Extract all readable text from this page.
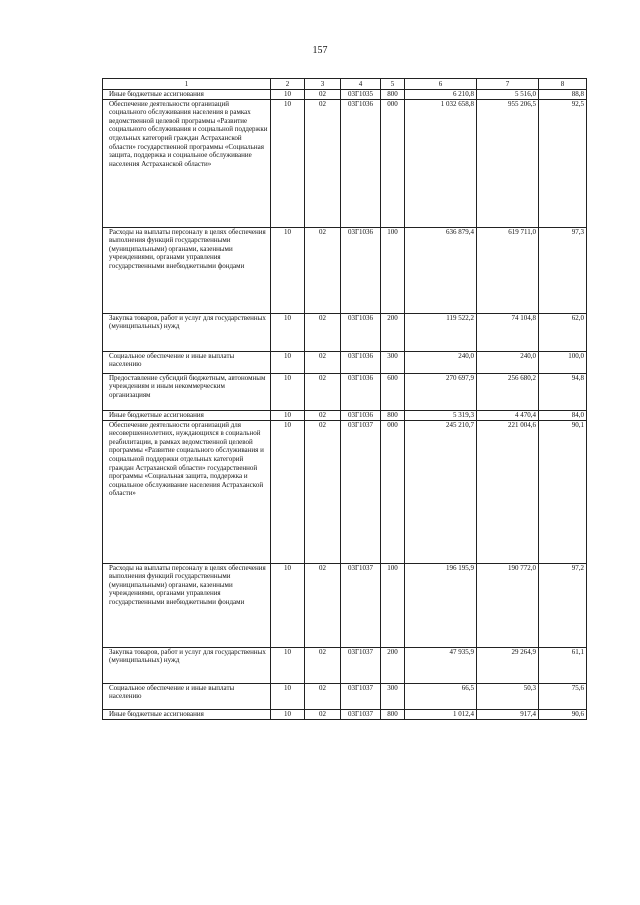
157
1	2	3	4	5	6	7	8
Иные бюджетные ассигнования	10	02	03Г1035	800	6 210,8	5 516,0	88,8
Обеспечение деятельности организаций социального обслуживания населения в рамках ведомственной целевой программы «Развитие социального обслуживания и социальной поддержки отдельных категорий граждан Астраханской области» государственной программы «Социальная защита, поддержка и социальное обслуживание населения Астраханской области»	10	02	03Г1036	000	1 032 658,8	955 206,5	92,5
Расходы на выплаты персоналу в целях обеспечения выполнения функций государственными (муниципальными) органами, казенными учреждениями, органами управления государственными внебюджетными фондами	10	02	03Г1036	100	636 879,4	619 711,0	97,3
Закупка товаров, работ и услуг для государственных (муниципальных) нужд	10	02	03Г1036	200	119 522,2	74 104,8	62,0
Социальное обеспечение и иные выплаты населению	10	02	03Г1036	300	240,0	240,0	100,0
Предоставление субсидий бюджетным, автономным учреждениям и иным некоммерческим организациям	10	02	03Г1036	600	270 697,9	256 680,2	94,8
Иные бюджетные ассигнования	10	02	03Г1036	800	5 319,3	4 470,4	84,0
Обеспечение деятельности организаций для несовершеннолетних, нуждающихся в социальной реабилитации, в рамках ведомственной целевой программы «Развитие социального обслуживания и социальной поддержки отдельных категорий граждан Астраханской области» государственной программы «Социальная защита, поддержка и социальное обслуживание населения Астраханской области»	10	02	03Г1037	000	245 210,7	221 004,6	90,1
Расходы на выплаты персоналу в целях обеспечения выполнения функций государственными (муниципальными) органами, казенными учреждениями, органами управления государственными внебюджетными фондами	10	02	03Г1037	100	196 195,9	190 772,0	97,2
Закупка товаров, работ и услуг для государственных (муниципальных) нужд	10	02	03Г1037	200	47 935,9	29 264,9	61,1
Социальное обеспечение и иные выплаты населению	10	02	03Г1037	300	66,5	50,3	75,6
Иные бюджетные ассигнования	10	02	03Г1037	800	1 012,4	917,4	90,6
